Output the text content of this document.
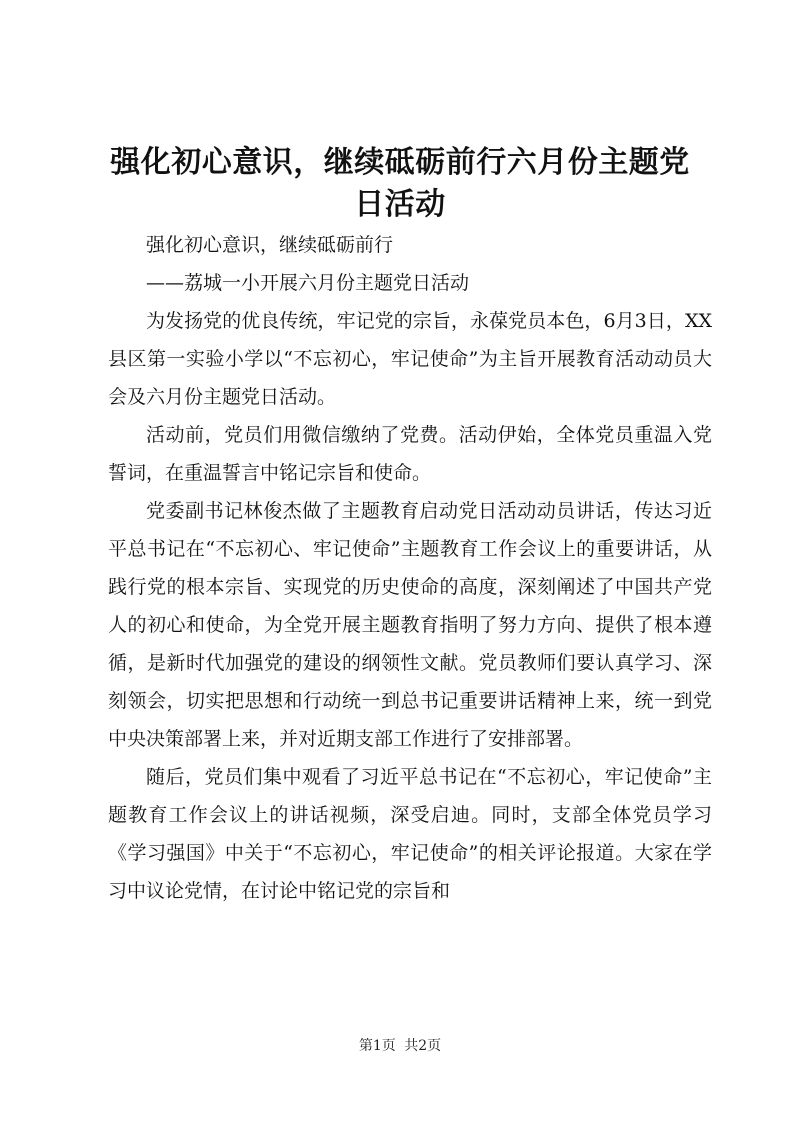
强化初心意识，继续砥砺前行六月份主题党日活动

强化初心意识，继续砥砺前行

——荔城一小开展六月份主题党日活动

为发扬党的优良传统，牢记党的宗旨，永葆党员本色，6月3日，XX县区第一实验小学以“不忘初心，牢记使命”为主旨开展教育活动动员大会及六月份主题党日活动。

活动前，党员们用微信缴纳了党费。活动伊始，全体党员重温入党誓词，在重温誓言中铭记宗旨和使命。

党委副书记林俊杰做了主题教育启动党日活动动员讲话，传达习近平总书记在“不忘初心、牢记使命”主题教育工作会议上的重要讲话，从践行党的根本宗旨、实现党的历史使命的高度，深刻阐述了中国共产党人的初心和使命，为全党开展主题教育指明了努力方向、提供了根本遵循，是新时代加强党的建设的纲领性文献。党员教师们要认真学习、深刻领会，切实把思想和行动统一到总书记重要讲话精神上来，统一到党中央决策部署上来，并对近期支部工作进行了安排部署。

随后，党员们集中观看了习近平总书记在“不忘初心，牢记使命”主题教育工作会议上的讲话视频，深受启迪。同时，支部全体党员学习《学习强国》中关于“不忘初心，牢记使命”的相关评论报道。大家在学习中议论党情，在讨论中铭记党的宗旨和

第1页 共2页
